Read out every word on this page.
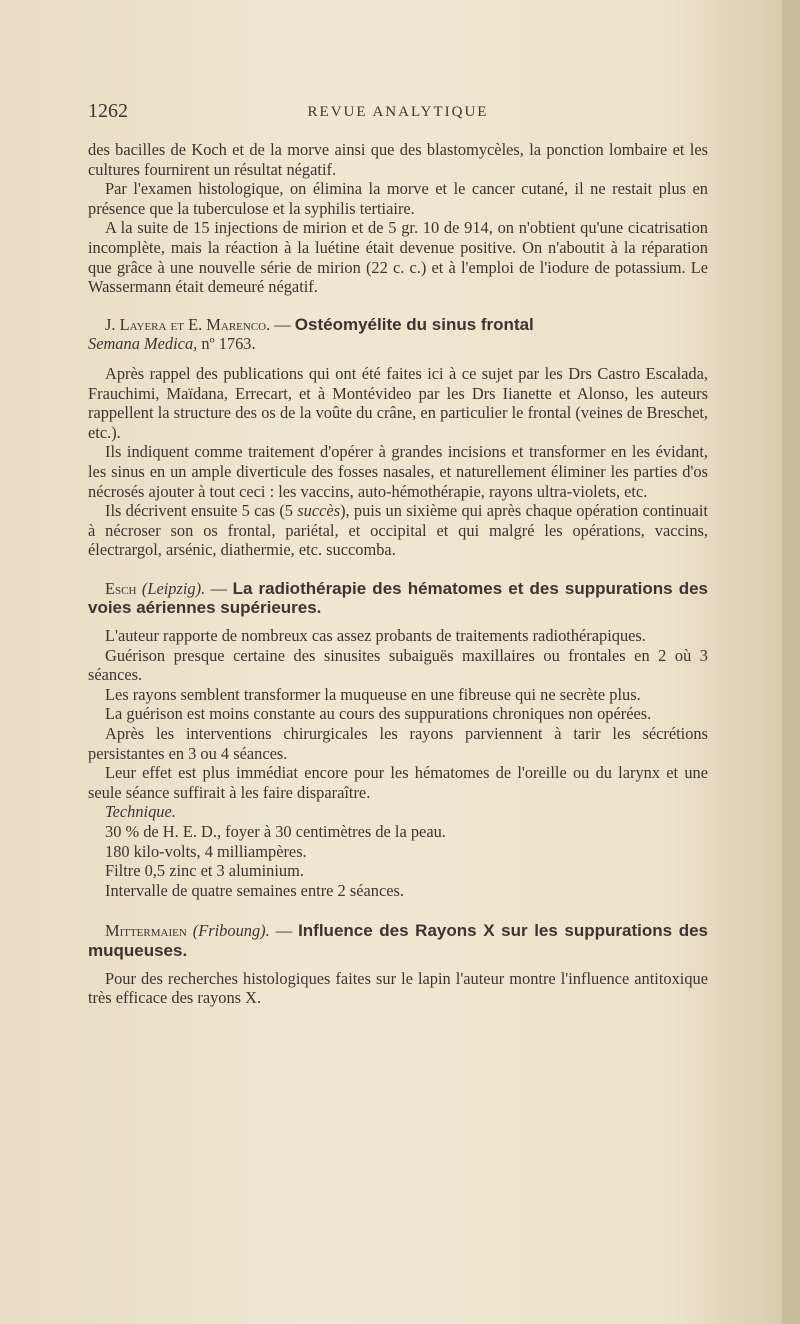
1262	REVUE ANALYTIQUE

des bacilles de Koch et de la morve ainsi que des blastomycèles, la ponction lombaire et les cultures fournirent un résultat négatif.

Par l'examen histologique, on élimina la morve et le cancer cutané, il ne restait plus en présence que la tuberculose et la syphilis tertiaire.

A la suite de 15 injections de mirion et de 5 gr. 10 de 914, on n'obtient qu'une cicatrisation incomplète, mais la réaction à la luétine était devenue positive. On n'aboutit à la réparation que grâce à une nouvelle série de mirion (22 c. c.) et à l'emploi de l'iodure de potassium. Le Wassermann était demeuré négatif.

J. Layera et E. Marenco. — Ostéomyélite du sinus frontal

Semana Medica, nº 1763.

Après rappel des publications qui ont été faites ici à ce sujet par les Drs Castro Escalada, Frauchimi, Maïdana, Errecart, et à Montévideo par les Drs Iianette et Alonso, les auteurs rappellent la structure des os de la voûte du crâne, en particulier le frontal (veines de Breschet, etc.).

Ils indiquent comme traitement d'opérer à grandes incisions et transformer en les évidant, les sinus en un ample diverticule des fosses nasales, et naturellement éliminer les parties d'os nécrosés ajouter à tout ceci : les vaccins, auto-hémothérapie, rayons ultra-violets, etc.

Ils décrivent ensuite 5 cas (5 succès), puis un sixième qui après chaque opération continuait à nécroser son os frontal, pariétal, et occipital et qui malgré les opérations, vaccins, électrargol, arsénic, diathermie, etc. succomba.

Esch (Leipzig). — La radiothérapie des hématomes et des suppurations des voies aériennes supérieures.

L'auteur rapporte de nombreux cas assez probants de traitements radiothérapiques.

Guérison presque certaine des sinusites subaiguës maxillaires ou frontales en 2 où 3 séances.

Les rayons semblent transformer la muqueuse en une fibreuse qui ne secrète plus.

La guérison est moins constante au cours des suppurations chroniques non opérées.

Après les interventions chirurgicales les rayons parviennent à tarir les sécrétions persistantes en 3 ou 4 séances.

Leur effet est plus immédiat encore pour les hématomes de l'oreille ou du larynx et une seule séance suffirait à les faire disparaître.

Technique.

30 % de H. E. D., foyer à 30 centimètres de la peau.

180 kilo-volts, 4 milliampères.

Filtre 0,5 zinc et 3 aluminium.

Intervalle de quatre semaines entre 2 séances.

Mittermaien (Friboung). — Influence des Rayons X sur les suppurations des muqueuses.

Pour des recherches histologiques faites sur le lapin l'auteur montre l'influence antitoxique très efficace des rayons X.
